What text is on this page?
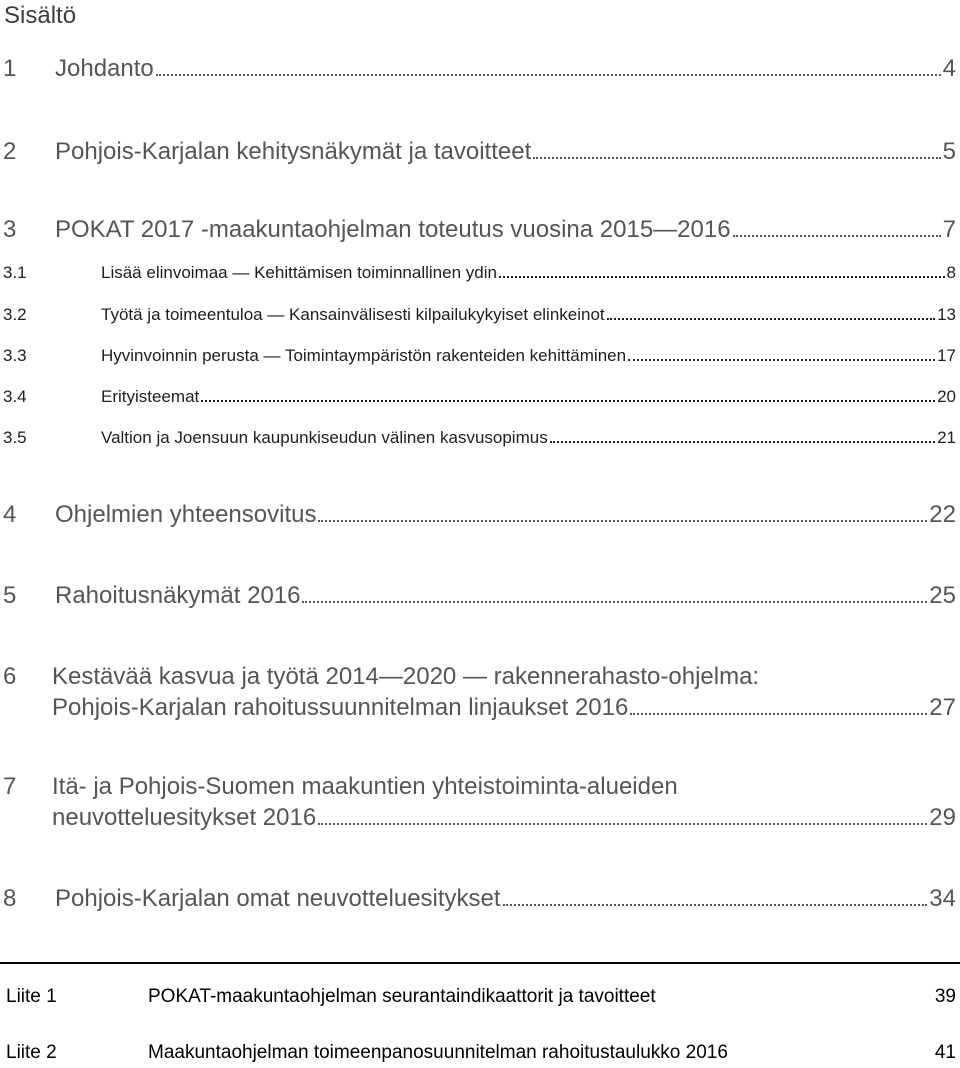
Sisältö
1	Johdanto	4
2	Pohjois-Karjalan kehitysnäkymät ja tavoitteet	5
3	POKAT 2017 -maakuntaohjelman toteutus vuosina 2015—2016	7
3.1	Lisää elinvoimaa — Kehittämisen toiminnallinen ydin	8
3.2	Työtä ja toimeentuloa — Kansainvälisesti kilpailukykyiset elinkeinot	13
3.3	Hyvinvoinnin perusta — Toimintaympäristön rakenteiden kehittäminen	17
3.4	Erityisteemat	20
3.5	Valtion ja Joensuun kaupunkiseudun välinen kasvusopimus	21
4	Ohjelmien yhteensovitus	22
5	Rahoitusnäkymät 2016	25
6 Kestävää kasvua ja työtä 2014—2020 — rakennerahasto-ohjelma:
Pohjois-Karjalan rahoitussuunnitelman linjaukset 2016	27
7 Itä- ja Pohjois-Suomen maakuntien yhteistoiminta-alueiden
neuvotteluesitykset 2016	29
8	Pohjois-Karjalan omat neuvotteluesitykset	34
Liite 1	POKAT-maakuntaohjelman seurantaindikaattorit ja tavoitteet	39
Liite 2	Maakuntaohjelman toimeenpanosuunnitelman rahoitustaulukko 2016	41
